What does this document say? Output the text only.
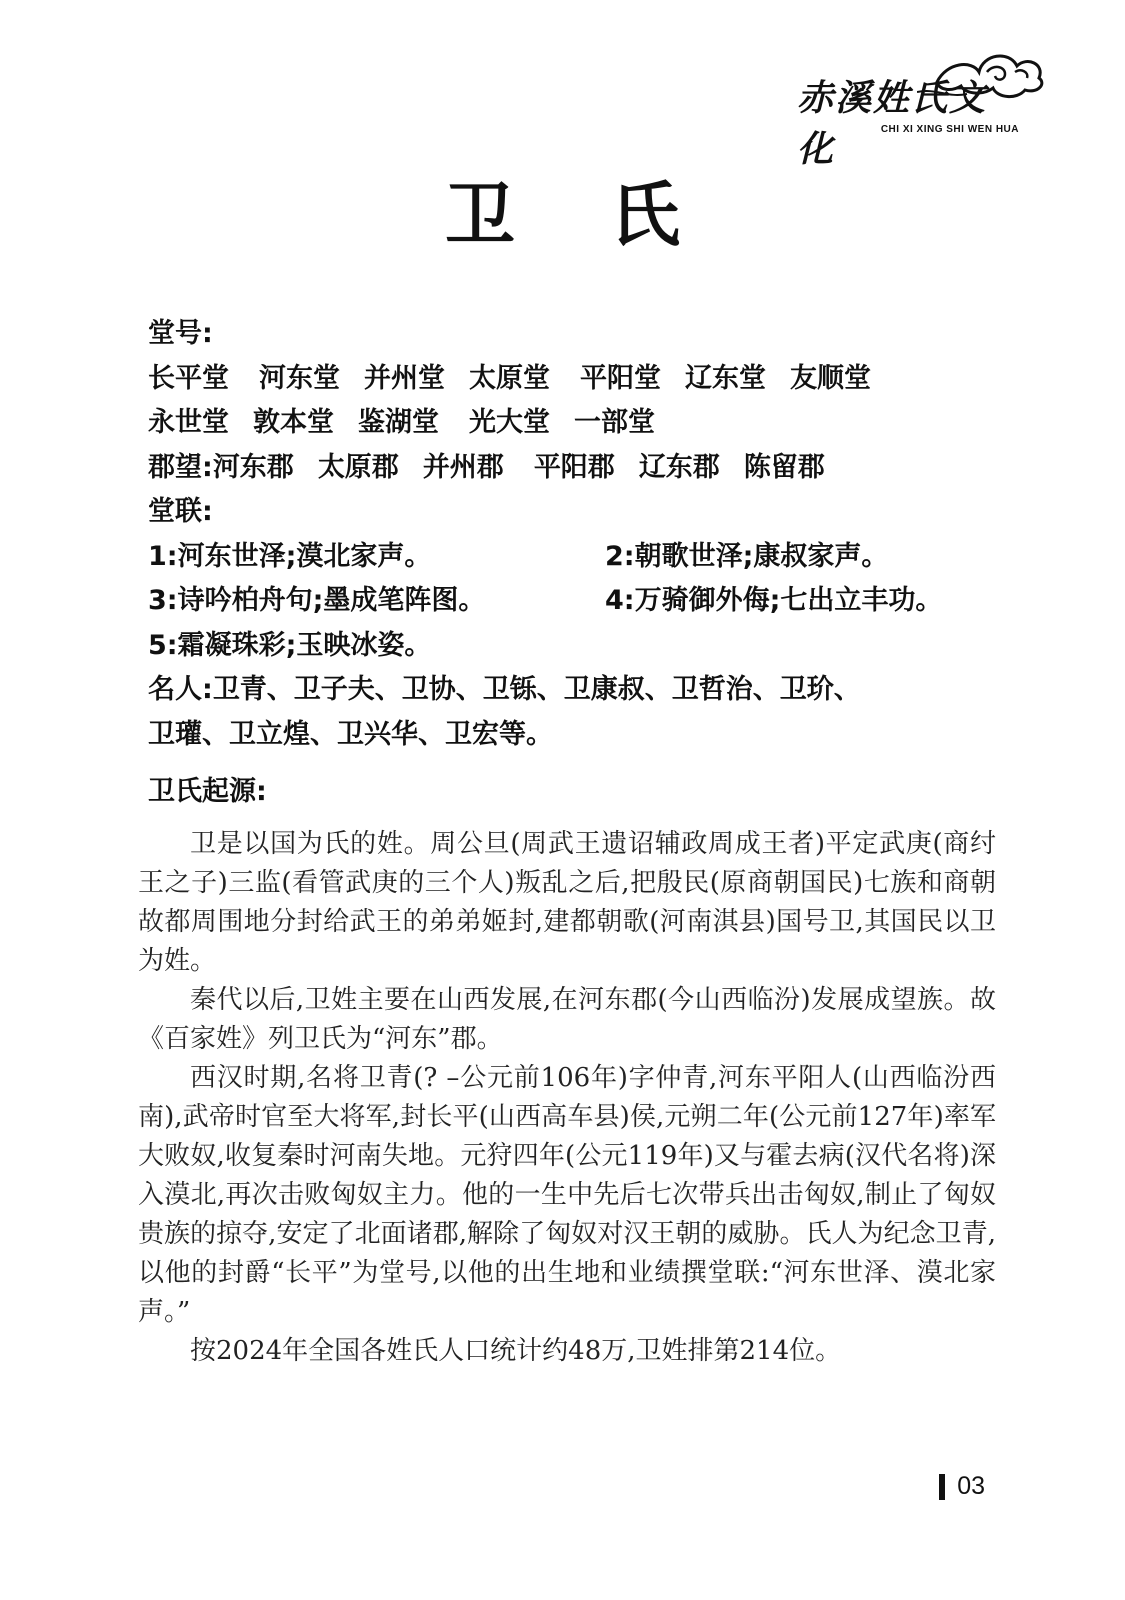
赤溪姓氏文化	CHI XI XING SHI WEN HUA
卫氏
堂号:
长平堂 河东堂 并州堂 太原堂 平阳堂 辽东堂 友顺堂
永世堂 敦本堂 鉴湖堂 光大堂 一部堂
郡望:河东郡 太原郡 并州郡 平阳郡 辽东郡 陈留郡
堂联:
1:河东世泽;漠北家声。	2:朝歌世泽;康叔家声。
3:诗吟柏舟句;墨成笔阵图。	4:万骑御外侮;七出立丰功。
5:霜凝珠彩;玉映冰姿。
名人:卫青、卫子夫、卫协、卫铄、卫康叔、卫哲治、卫玠、
卫瓘、卫立煌、卫兴华、卫宏等。
卫氏起源:

卫是以国为氏的姓。周公旦(周武王遗诏辅政周成王者)平定武庚(商纣王之子)三监(看管武庚的三个人)叛乱之后,把殷民(原商朝国民)七族和商朝故都周围地分封给武王的弟弟姬封,建都朝歌(河南淇县)国号卫,其国民以卫为姓。

秦代以后,卫姓主要在山西发展,在河东郡(今山西临汾)发展成望族。故《百家姓》列卫氏为“河东”郡。

西汉时期,名将卫青(? –公元前106年)字仲青,河东平阳人(山西临汾西南),武帝时官至大将军,封长平(山西高车县)侯,元朔二年(公元前127年)率军大败奴,收复秦时河南失地。元狩四年(公元119年)又与霍去病(汉代名将)深入漠北,再次击败匈奴主力。他的一生中先后七次带兵出击匈奴,制止了匈奴贵族的掠夺,安定了北面诸郡,解除了匈奴对汉王朝的威胁。氏人为纪念卫青,以他的封爵“长平”为堂号,以他的出生地和业绩撰堂联:“河东世泽、漠北家声。”

按2024年全国各姓氏人口统计约48万,卫姓排第214位。

03
